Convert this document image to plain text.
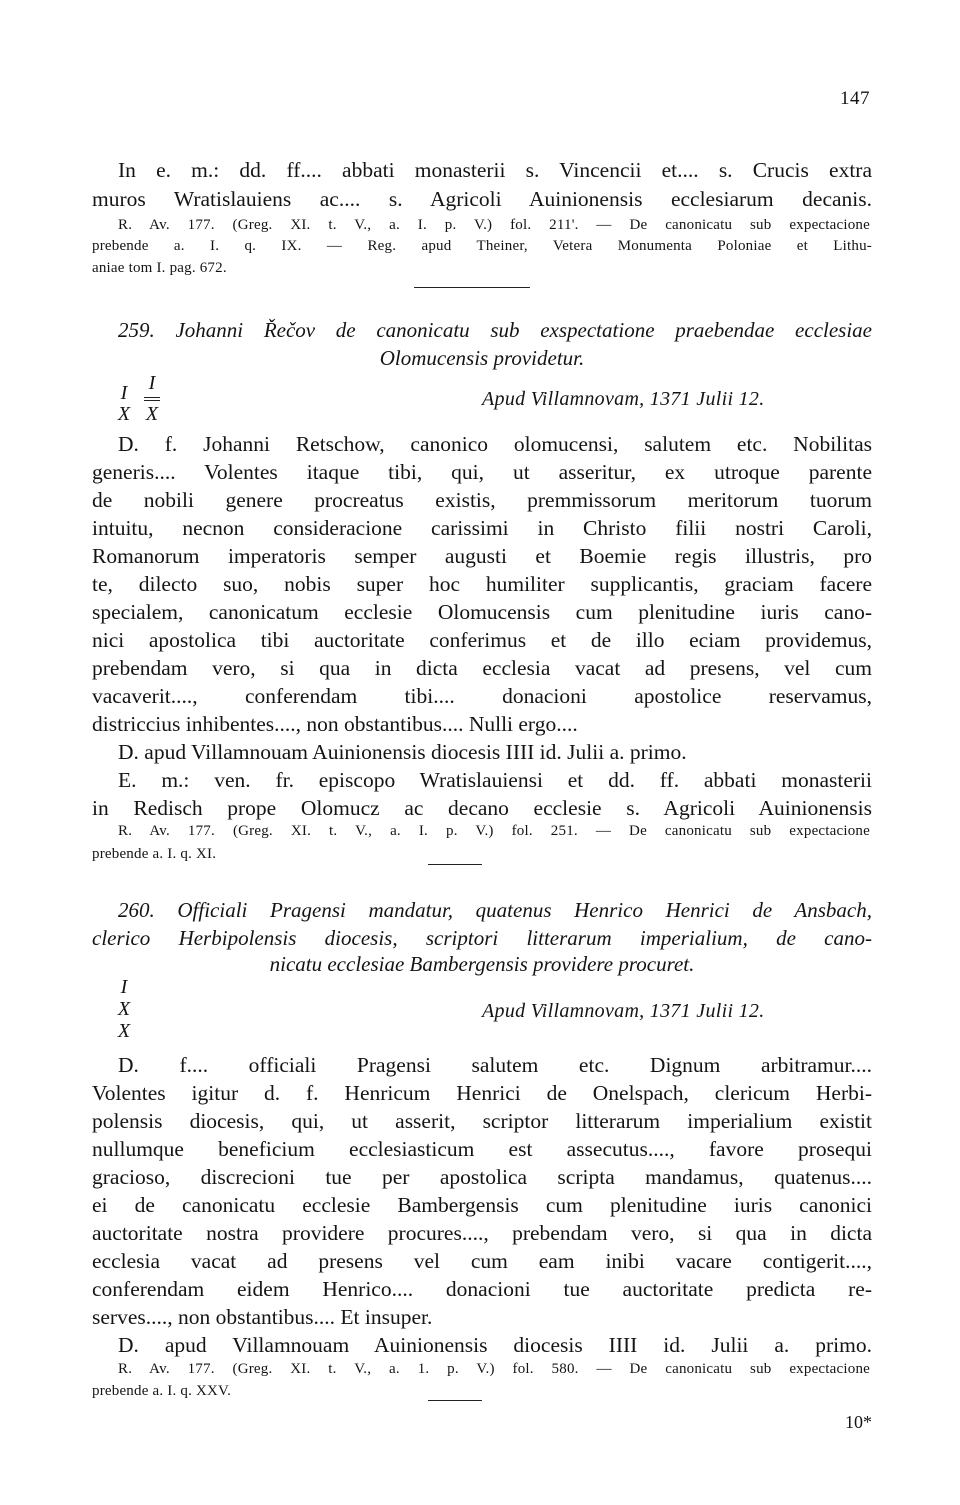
147
In e. m.: dd. ff.... abbati monasterii s. Vincencii et.... s. Crucis extra
muros Wratislauiens ac.... s. Agricoli Auinionensis ecclesiarum decanis.
R. Av. 177. (Greg. XI. t. V., a. I. p. V.) fol. 211'. — De canonicatu sub expectacione
prebende a. I. q. IX. — Reg. apud Theiner, Vetera Monumenta Poloniae et Lithu-
aniae tom I. pag. 672.
259. Johanni Řečov de canonicatu sub exspectatione praebendae ecclesiae
Olomucensis providetur.
I
X
I
X
Apud Villamnovam, 1371 Julii 12.
D. f. Johanni Retschow, canonico olomucensi, salutem etc. Nobilitas
generis.... Volentes itaque tibi, qui, ut asseritur, ex utroque parente
de nobili genere procreatus existis, premmissorum meritorum tuorum
intuitu, necnon consideracione carissimi in Christo filii nostri Caroli,
Romanorum imperatoris semper augusti et Boemie regis illustris, pro
te, dilecto suo, nobis super hoc humiliter supplicantis, graciam facere
specialem, canonicatum ecclesie Olomucensis cum plenitudine iuris cano-
nici apostolica tibi auctoritate conferimus et de illo eciam providemus,
prebendam vero, si qua in dicta ecclesia vacat ad presens, vel cum
vacaverit...., conferendam tibi.... donacioni apostolice reservamus,
districcius inhibentes...., non obstantibus.... Nulli ergo....
D. apud Villamnouam Auinionensis diocesis IIII id. Julii a. primo.
E. m.: ven. fr. episcopo Wratislauiensi et dd. ff. abbati monasterii
in Redisch prope Olomucz ac decano ecclesie s. Agricoli Auinionensis
R. Av. 177. (Greg. XI. t. V., a. I. p. V.) fol. 251. — De canonicatu sub expectacione
prebende a. I. q. XI.
260. Officiali Pragensi mandatur, quatenus Henrico Henrici de Ansbach,
clerico Herbipolensis diocesis, scriptori litterarum imperialium, de cano-
nicatu ecclesiae Bambergensis providere procuret.
I
X
X
Apud Villamnovam, 1371 Julii 12.
D. f.... officiali Pragensi salutem etc. Dignum arbitramur....
Volentes igitur d. f. Henricum Henrici de Onelspach, clericum Herbi-
polensis diocesis, qui, ut asserit, scriptor litterarum imperialium existit
nullumque beneficium ecclesiasticum est assecutus...., favore prosequi
gracioso, discrecioni tue per apostolica scripta mandamus, quatenus....
ei de canonicatu ecclesie Bambergensis cum plenitudine iuris canonici
auctoritate nostra providere procures...., prebendam vero, si qua in dicta
ecclesia vacat ad presens vel cum eam inibi vacare contigerit....,
conferendam eidem Henrico.... donacioni tue auctoritate predicta re-
serves...., non obstantibus.... Et insuper.
D. apud Villamnouam Auinionensis diocesis IIII id. Julii a. primo.
R. Av. 177. (Greg. XI. t. V., a. 1. p. V.) fol. 580. — De canonicatu sub expectacione
prebende a. I. q. XXV.
10*
